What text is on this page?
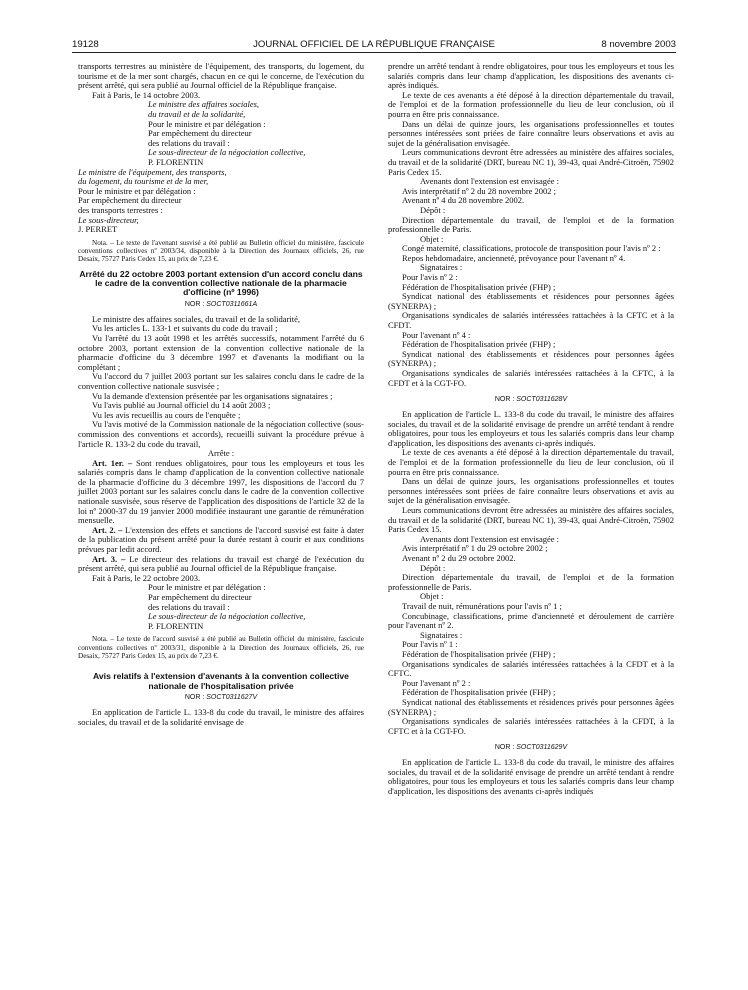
19128	JOURNAL OFFICIEL DE LA RÉPUBLIQUE FRANÇAISE	8 novembre 2003

transports terrestres au ministère de l'équipement, des transports, du logement, du tourisme et de la mer sont chargés, chacun en ce qui le concerne, de l'exécution du présent arrêté, qui sera publié au Journal officiel de la République française.

Fait à Paris, le 14 octobre 2003.

Le ministre des affaires sociales,

du travail et de la solidarité,

Pour le ministre et par délégation :

Par empêchement du directeur

des relations du travail :

Le sous-directeur de la négociation collective,

P. FLORENTIN

Le ministre de l'équipement, des transports,

du logement, du tourisme et de la mer,

Pour le ministre et par délégation :

Par empêchement du directeur

des transports terrestres :

Le sous-directeur,

J. PERRET

Nota. – Le texte de l'avenant susvisé a été publié au Bulletin officiel du ministère, fascicule conventions collectives nº 2003/34, disponible à la Direction des Journaux officiels, 26, rue Desaix, 75727 Paris Cedex 15, au prix de 7,23 €.

Arrêté du 22 octobre 2003 portant extension d'un accord conclu dans le cadre de la convention collective nationale de la pharmacie d'officine (nº 1996)
NOR : SOCT0311661A

Le ministre des affaires sociales, du travail et de la solidarité,

Vu les articles L. 133-1 et suivants du code du travail ;

Vu l'arrêté du 13 août 1998 et les arrêtés successifs, notamment l'arrêté du 6 octobre 2003, portant extension de la convention collective nationale de la pharmacie d'officine du 3 décembre 1997 et d'avenants la modifiant ou la complétant ;

Vu l'accord du 7 juillet 2003 portant sur les salaires conclu dans le cadre de la convention collective nationale susvisée ;

Vu la demande d'extension présentée par les organisations signataires ;

Vu l'avis publié au Journal officiel du 14 août 2003 ;

Vu les avis recueillis au cours de l'enquête ;

Vu l'avis motivé de la Commission nationale de la négociation collective (sous-commission des conventions et accords), recueilli suivant la procédure prévue à l'article R. 133-2 du code du travail,

Arrête :

Art. 1er. – Sont rendues obligatoires, pour tous les employeurs et tous les salariés compris dans le champ d'application de la convention collective nationale de la pharmacie d'officine du 3 décembre 1997, les dispositions de l'accord du 7 juillet 2003 portant sur les salaires conclu dans le cadre de la convention collective nationale susvisée, sous réserve de l'application des dispositions de l'article 32 de la loi nº 2000-37 du 19 janvier 2000 modifiée instaurant une garantie de rémunération mensuelle.

Art. 2. – L'extension des effets et sanctions de l'accord susvisé est faite à dater de la publication du présent arrêté pour la durée restant à courir et aux conditions prévues par ledit accord.

Art. 3. – Le directeur des relations du travail est chargé de l'exécution du présent arrêté, qui sera publié au Journal officiel de la République française.

Fait à Paris, le 22 octobre 2003.

Pour le ministre et par délégation :

Par empêchement du directeur

des relations du travail :

Le sous-directeur de la négociation collective,

P. FLORENTIN

Nota. – Le texte de l'accord susvisé a été publié au Bulletin officiel du ministère, fascicule conventions collectives nº 2003/31, disponible à la Direction des Journaux officiels, 26, rue Desaix, 75727 Paris Cedex 15, au prix de 7,23 €.

Avis relatifs à l'extension d'avenants à la convention collective nationale de l'hospitalisation privée
NOR : SOCT0311627V

En application de l'article L. 133-8 du code du travail, le ministre des affaires sociales, du travail et de la solidarité envisage de

prendre un arrêté tendant à rendre obligatoires, pour tous les employeurs et tous les salariés compris dans leur champ d'application, les dispositions des avenants ci-après indiqués.

Le texte de ces avenants a été déposé à la direction départementale du travail, de l'emploi et de la formation professionnelle du lieu de leur conclusion, où il pourra en être pris connaissance.

Dans un délai de quinze jours, les organisations professionnelles et toutes personnes intéressées sont priées de faire connaître leurs observations et avis au sujet de la généralisation envisagée.

Leurs communications devront être adressées au ministère des affaires sociales, du travail et de la solidarité (DRT, bureau NC 1), 39-43, quai André-Citroën, 75902 Paris Cedex 15.

Avenants dont l'extension est envisagée :

Avis interprétatif nº 2 du 28 novembre 2002 ;

Avenant nº 4 du 28 novembre 2002.

Dépôt :

Direction départementale du travail, de l'emploi et de la formation professionnelle de Paris.

Objet :

Congé maternité, classifications, protocole de transposition pour l'avis nº 2 :

Repos hebdomadaire, ancienneté, prévoyance pour l'avenant nº 4.

Signataires :

Pour l'avis nº 2 :

Fédération de l'hospitalisation privée (FHP) ;

Syndicat national des établissements et résidences pour personnes âgées (SYNERPA) ;

Organisations syndicales de salariés intéressées rattachées à la CFTC et à la CFDT.

Pour l'avenant nº 4 :

Fédération de l'hospitalisation privée (FHP) ;

Syndicat national des établissements et résidences pour personnes âgées (SYNERPA) ;

Organisations syndicales de salariés intéressées rattachées à la CFTC, à la CFDT et à la CGT-FO.

NOR : SOCT0311628V

En application de l'article L. 133-8 du code du travail, le ministre des affaires sociales, du travail et de la solidarité envisage de prendre un arrêté tendant à rendre obligatoires, pour tous les employeurs et tous les salariés compris dans leur champ d'application, les dispositions des avenants ci-après indiqués.

Le texte de ces avenants a été déposé à la direction départementale du travail, de l'emploi et de la formation professionnelle du lieu de leur conclusion, où il pourra en être pris connaissance.

Dans un délai de quinze jours, les organisations professionnelles et toutes personnes intéressées sont priées de faire connaître leurs observations et avis au sujet de la généralisation envisagée.

Leurs communications devront être adressées au ministère des affaires sociales, du travail et de la solidarité (DRT, bureau NC 1), 39-43, quai André-Citroën, 75902 Paris Cedex 15.

Avenants dont l'extension est envisagée :

Avis interprétatif nº 1 du 29 octobre 2002 ;

Avenant nº 2 du 29 octobre 2002.

Dépôt :

Direction départementale du travail, de l'emploi et de la formation professionnelle de Paris.

Objet :

Travail de nuit, rémunérations pour l'avis nº 1 ;

Concubinage, classifications, prime d'ancienneté et déroulement de carrière pour l'avenant nº 2.

Signataires :

Pour l'avis nº 1 :

Fédération de l'hospitalisation privée (FHP) ;

Organisations syndicales de salariés intéressées rattachées à la CFDT et à la CFTC.

Pour l'avenant nº 2 :

Fédération de l'hospitalisation privée (FHP) ;

Syndicat national des établissements et résidences privés pour personnes âgées (SYNERPA) ;

Organisations syndicales de salariés intéressées rattachées à la CFDT, à la CFTC et à la CGT-FO.

NOR : SOCT0311629V

En application de l'article L. 133-8 du code du travail, le ministre des affaires sociales, du travail et de la solidarité envisage de prendre un arrêté tendant à rendre obligatoires, pour tous les employeurs et tous les salariés compris dans leur champ d'application, les dispositions des avenants ci-après indiqués
